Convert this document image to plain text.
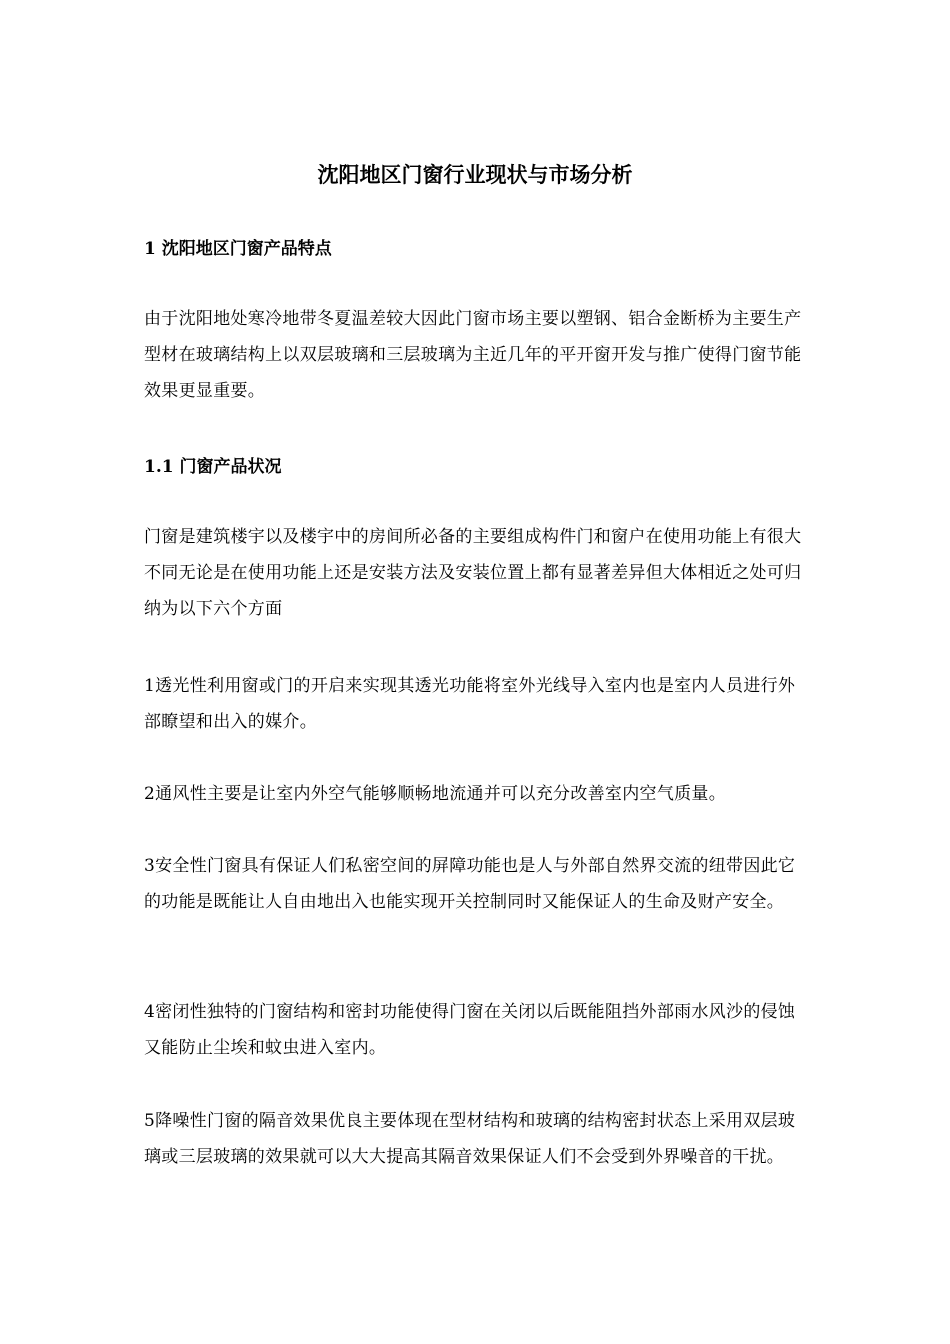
沈阳地区门窗行业现状与市场分析
1 沈阳地区门窗产品特点

由于沈阳地处寒冷地带冬夏温差较大因此门窗市场主要以塑钢、铝合金断桥为主要生产型材在玻璃结构上以双层玻璃和三层玻璃为主近几年的平开窗开发与推广使得门窗节能效果更显重要。

1.1 门窗产品状况

门窗是建筑楼宇以及楼宇中的房间所必备的主要组成构件门和窗户在使用功能上有很大不同无论是在使用功能上还是安装方法及安装位置上都有显著差异但大体相近之处可归纳为以下六个方面

1透光性利用窗或门的开启来实现其透光功能将室外光线导入室内也是室内人员进行外部瞭望和出入的媒介。

2通风性主要是让室内外空气能够顺畅地流通并可以充分改善室内空气质量。

3安全性门窗具有保证人们私密空间的屏障功能也是人与外部自然界交流的纽带因此它的功能是既能让人自由地出入也能实现开关控制同时又能保证人的生命及财产安全。

4密闭性独特的门窗结构和密封功能使得门窗在关闭以后既能阻挡外部雨水风沙的侵蚀又能防止尘埃和蚊虫进入室内。

5降噪性门窗的隔音效果优良主要体现在型材结构和玻璃的结构密封状态上采用双层玻璃或三层玻璃的效果就可以大大提高其隔音效果保证人们不会受到外界噪音的干扰。
